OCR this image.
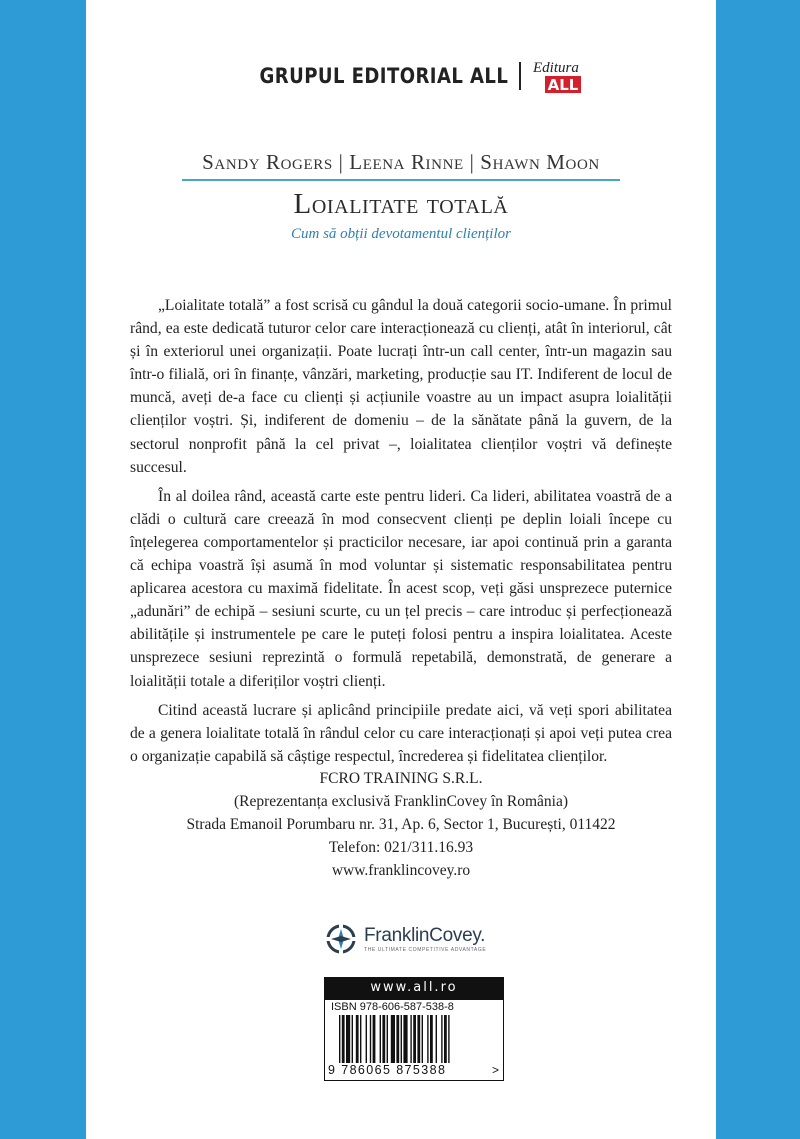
GRUPUL EDITORIAL ALL Editura
ALL
Sandy Rogers | Leena Rinne | Shawn Moon
Loialitate totală
Cum să obții devotamentul clienților

„Loialitate totală” a fost scrisă cu gândul la două categorii socio-umane. În primul rând, ea este dedicată tuturor celor care interacționează cu clienți, atât în interiorul, cât și în exteriorul unei organizații. Poate lucrați într-un call center, într-un magazin sau într-o filială, ori în finanțe, vânzări, marketing, producție sau IT. Indiferent de locul de muncă, aveți de-a face cu clienți și acțiunile voastre au un impact asupra loialității clienților voștri. Și, indiferent de domeniu – de la sănătate până la guvern, de la sectorul nonprofit până la cel privat –, loialitatea clienților voștri vă definește succesul.

În al doilea rând, această carte este pentru lideri. Ca lideri, abilitatea voastră de a clădi o cultură care creează în mod consecvent clienți pe deplin loiali începe cu înțelegerea comportamentelor și practicilor necesare, iar apoi continuă prin a garanta că echipa voastră își asumă în mod voluntar și sistematic responsabilitatea pentru aplicarea acestora cu maximă fidelitate. În acest scop, veți găsi unsprezece puternice „adunări” de echipă – sesiuni scurte, cu un țel precis – care introduc și perfecționează abilitățile și instrumentele pe care le puteți folosi pentru a inspira loialitatea. Aceste unsprezece sesiuni reprezintă o formulă repetabilă, demonstrată, de generare a loialității totale a diferiților voștri clienți.

Citind această lucrare și aplicând principiile predate aici, vă veți spori abilitatea de a genera loialitate totală în rândul celor cu care interacționați și apoi veți putea crea o organizație capabilă să câștige respectul, încrederea și fidelitatea clienților.

FCRO TRAINING S.R.L.
(Reprezentanța exclusivă FranklinCovey în România)
Strada Emanoil Porumbaru nr. 31, Ap. 6, Sector 1, București, 011422
Telefon: 021/311.16.93
www.franklincovey.ro
FranklinCovey.
THE ULTIMATE COMPETITIVE ADVANTAGE
www.all.ro
ISBN 978-606-587-538-8
9 786065 875388	>
